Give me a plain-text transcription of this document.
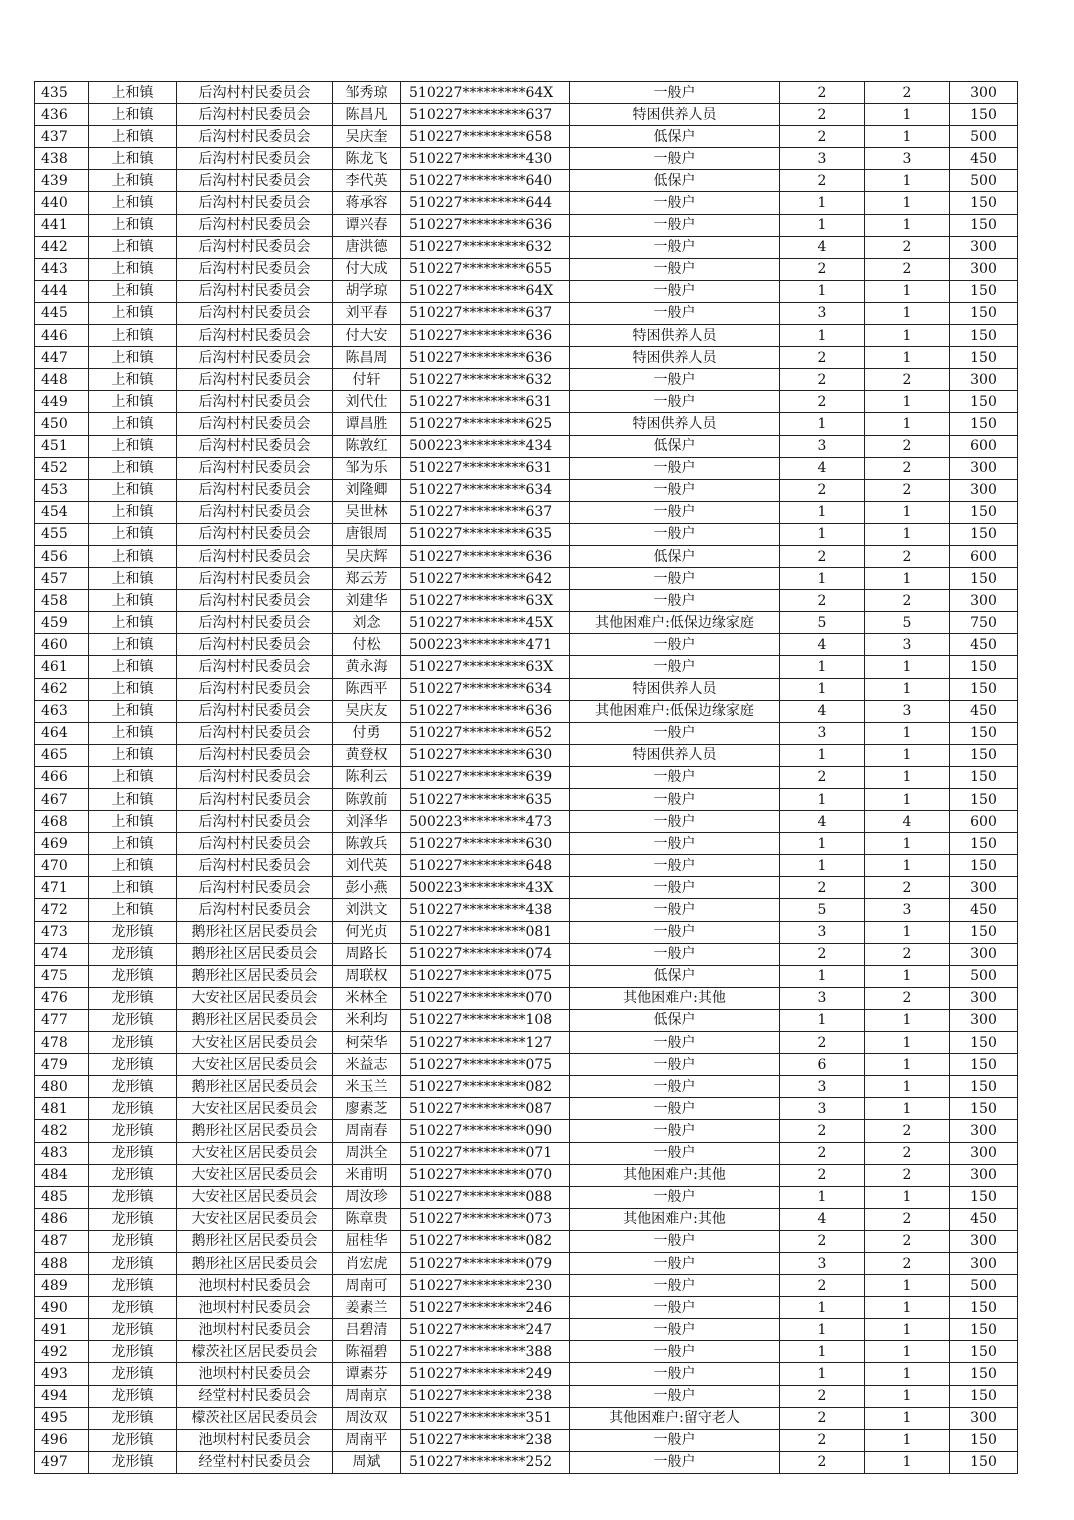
435	上和镇	后沟村村民委员会	邹秀琼	510227*********64X	一般户	2	2	300
436	上和镇	后沟村村民委员会	陈昌凡	510227*********637	特困供养人员	2	1	150
437	上和镇	后沟村村民委员会	吴庆奎	510227*********658	低保户	2	1	500
438	上和镇	后沟村村民委员会	陈龙飞	510227*********430	一般户	3	3	450
439	上和镇	后沟村村民委员会	李代英	510227*********640	低保户	2	1	500
440	上和镇	后沟村村民委员会	蒋承容	510227*********644	一般户	1	1	150
441	上和镇	后沟村村民委员会	谭兴春	510227*********636	一般户	1	1	150
442	上和镇	后沟村村民委员会	唐洪德	510227*********632	一般户	4	2	300
443	上和镇	后沟村村民委员会	付大成	510227*********655	一般户	2	2	300
444	上和镇	后沟村村民委员会	胡学琼	510227*********64X	一般户	1	1	150
445	上和镇	后沟村村民委员会	刘平春	510227*********637	一般户	3	1	150
446	上和镇	后沟村村民委员会	付大安	510227*********636	特困供养人员	1	1	150
447	上和镇	后沟村村民委员会	陈昌周	510227*********636	特困供养人员	2	1	150
448	上和镇	后沟村村民委员会	付轩	510227*********632	一般户	2	2	300
449	上和镇	后沟村村民委员会	刘代仕	510227*********631	一般户	2	1	150
450	上和镇	后沟村村民委员会	谭昌胜	510227*********625	特困供养人员	1	1	150
451	上和镇	后沟村村民委员会	陈敦红	500223*********434	低保户	3	2	600
452	上和镇	后沟村村民委员会	邹为乐	510227*********631	一般户	4	2	300
453	上和镇	后沟村村民委员会	刘隆卿	510227*********634	一般户	2	2	300
454	上和镇	后沟村村民委员会	吴世林	510227*********637	一般户	1	1	150
455	上和镇	后沟村村民委员会	唐银周	510227*********635	一般户	1	1	150
456	上和镇	后沟村村民委员会	吴庆辉	510227*********636	低保户	2	2	600
457	上和镇	后沟村村民委员会	郑云芳	510227*********642	一般户	1	1	150
458	上和镇	后沟村村民委员会	刘建华	510227*********63X	一般户	2	2	300
459	上和镇	后沟村村民委员会	刘念	510227*********45X	其他困难户:低保边缘家庭	5	5	750
460	上和镇	后沟村村民委员会	付松	500223*********471	一般户	4	3	450
461	上和镇	后沟村村民委员会	黄永海	510227*********63X	一般户	1	1	150
462	上和镇	后沟村村民委员会	陈西平	510227*********634	特困供养人员	1	1	150
463	上和镇	后沟村村民委员会	吴庆友	510227*********636	其他困难户:低保边缘家庭	4	3	450
464	上和镇	后沟村村民委员会	付勇	510227*********652	一般户	3	1	150
465	上和镇	后沟村村民委员会	黄登权	510227*********630	特困供养人员	1	1	150
466	上和镇	后沟村村民委员会	陈利云	510227*********639	一般户	2	1	150
467	上和镇	后沟村村民委员会	陈敦前	510227*********635	一般户	1	1	150
468	上和镇	后沟村村民委员会	刘泽华	500223*********473	一般户	4	4	600
469	上和镇	后沟村村民委员会	陈敦兵	510227*********630	一般户	1	1	150
470	上和镇	后沟村村民委员会	刘代英	510227*********648	一般户	1	1	150
471	上和镇	后沟村村民委员会	彭小燕	500223*********43X	一般户	2	2	300
472	上和镇	后沟村村民委员会	刘洪文	510227*********438	一般户	5	3	450
473	龙形镇	鹅形社区居民委员会	何光贞	510227*********081	一般户	3	1	150
474	龙形镇	鹅形社区居民委员会	周路长	510227*********074	一般户	2	2	300
475	龙形镇	鹅形社区居民委员会	周联权	510227*********075	低保户	1	1	500
476	龙形镇	大安社区居民委员会	米林全	510227*********070	其他困难户:其他	3	2	300
477	龙形镇	鹅形社区居民委员会	米利均	510227*********108	低保户	1	1	300
478	龙形镇	大安社区居民委员会	柯荣华	510227*********127	一般户	2	1	150
479	龙形镇	大安社区居民委员会	米益志	510227*********075	一般户	6	1	150
480	龙形镇	鹅形社区居民委员会	米玉兰	510227*********082	一般户	3	1	150
481	龙形镇	大安社区居民委员会	廖素芝	510227*********087	一般户	3	1	150
482	龙形镇	鹅形社区居民委员会	周南春	510227*********090	一般户	2	2	300
483	龙形镇	大安社区居民委员会	周洪全	510227*********071	一般户	2	2	300
484	龙形镇	大安社区居民委员会	米甫明	510227*********070	其他困难户:其他	2	2	300
485	龙形镇	大安社区居民委员会	周汝珍	510227*********088	一般户	1	1	150
486	龙形镇	大安社区居民委员会	陈章贵	510227*********073	其他困难户:其他	4	2	450
487	龙形镇	鹅形社区居民委员会	屈桂华	510227*********082	一般户	2	2	300
488	龙形镇	鹅形社区居民委员会	肖宏虎	510227*********079	一般户	3	2	300
489	龙形镇	池坝村村民委员会	周南可	510227*********230	一般户	2	1	500
490	龙形镇	池坝村村民委员会	姜素兰	510227*********246	一般户	1	1	150
491	龙形镇	池坝村村民委员会	吕碧清	510227*********247	一般户	1	1	150
492	龙形镇	檬茨社区居民委员会	陈福碧	510227*********388	一般户	1	1	150
493	龙形镇	池坝村村民委员会	谭素芬	510227*********249	一般户	1	1	150
494	龙形镇	经堂村村民委员会	周南京	510227*********238	一般户	2	1	150
495	龙形镇	檬茨社区居民委员会	周汝双	510227*********351	其他困难户:留守老人	2	1	300
496	龙形镇	池坝村村民委员会	周南平	510227*********238	一般户	2	1	150
497	龙形镇	经堂村村民委员会	周斌	510227*********252	一般户	2	1	150
